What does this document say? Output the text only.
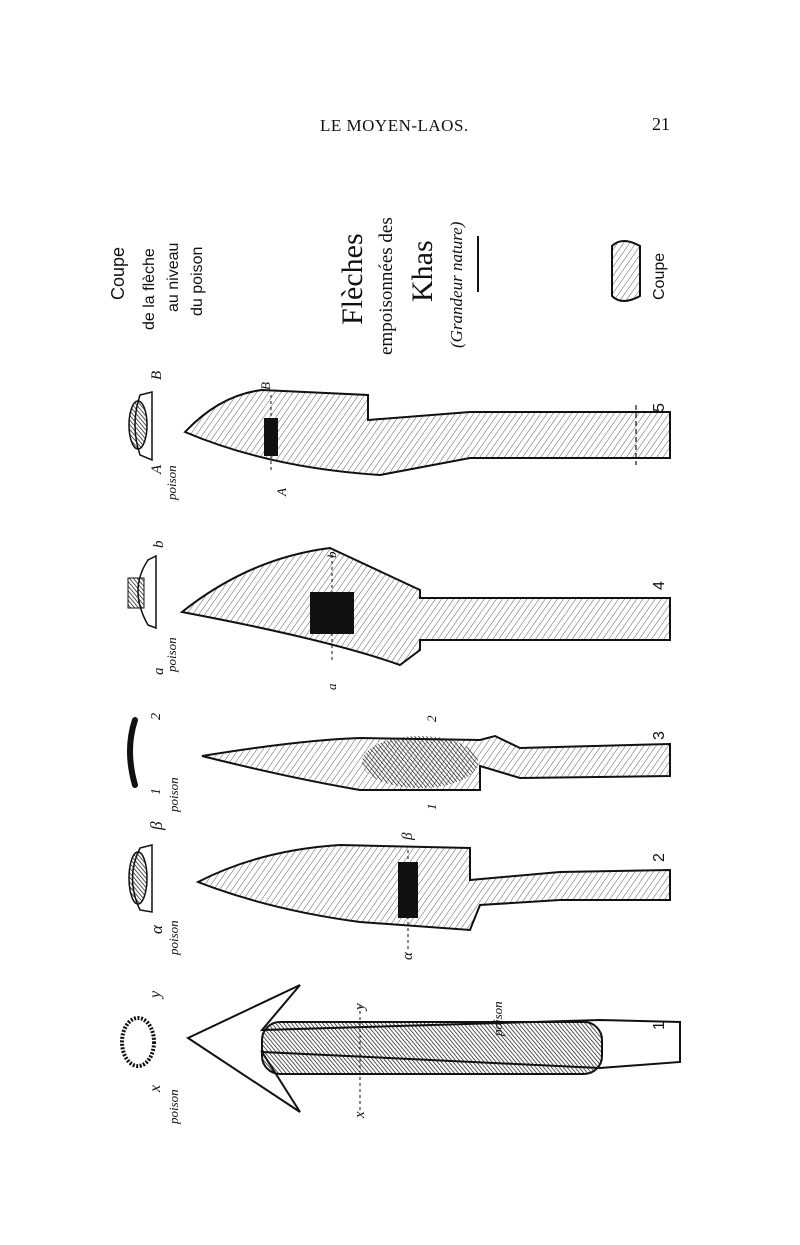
LE MOYEN-LAOS.	21
Flèches empoisonnées des Khas (Grandeur nature)
Coupe de la flèche au niveau du poison	Coupe
A
B
poison
5
A
B
a
b
poison
4
a
b
1
2
poison
3
1
2
α
β
poison
2
α
β
x
y
poison
1
x
y	poison
